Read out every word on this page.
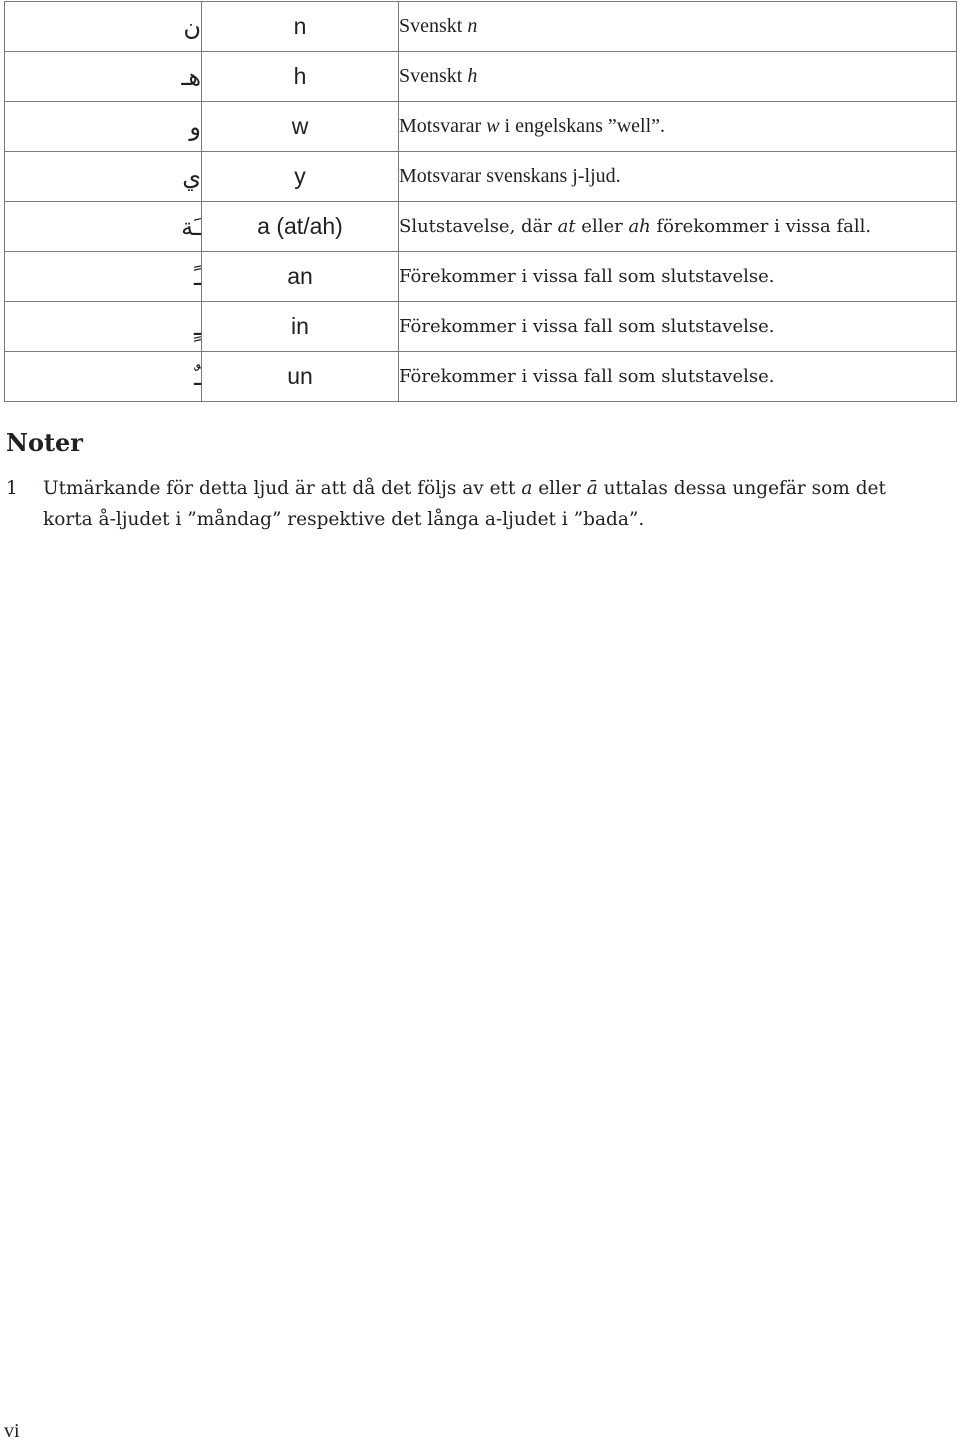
ن	n	Svenskt n
هـ	h	Svenskt h
و	w	Motsvarar w i engelskans ”well”.
ي	y	Motsvarar svenskans j-ljud.
ـَة	a (at/ah)	Slutstavelse, där at eller ah förekommer i vissa fall.
ـً	an	Förekommer i vissa fall som slutstavelse.
ـٍ	in	Förekommer i vissa fall som slutstavelse.
ـٌ	un	Förekommer i vissa fall som slutstavelse.
Noter
1 Utmärkande för detta ljud är att då det följs av ett a eller ā uttalas dessa ungefär som det korta å-ljudet i ”måndag” respektive det långa a-ljudet i ”bada”.
vi
